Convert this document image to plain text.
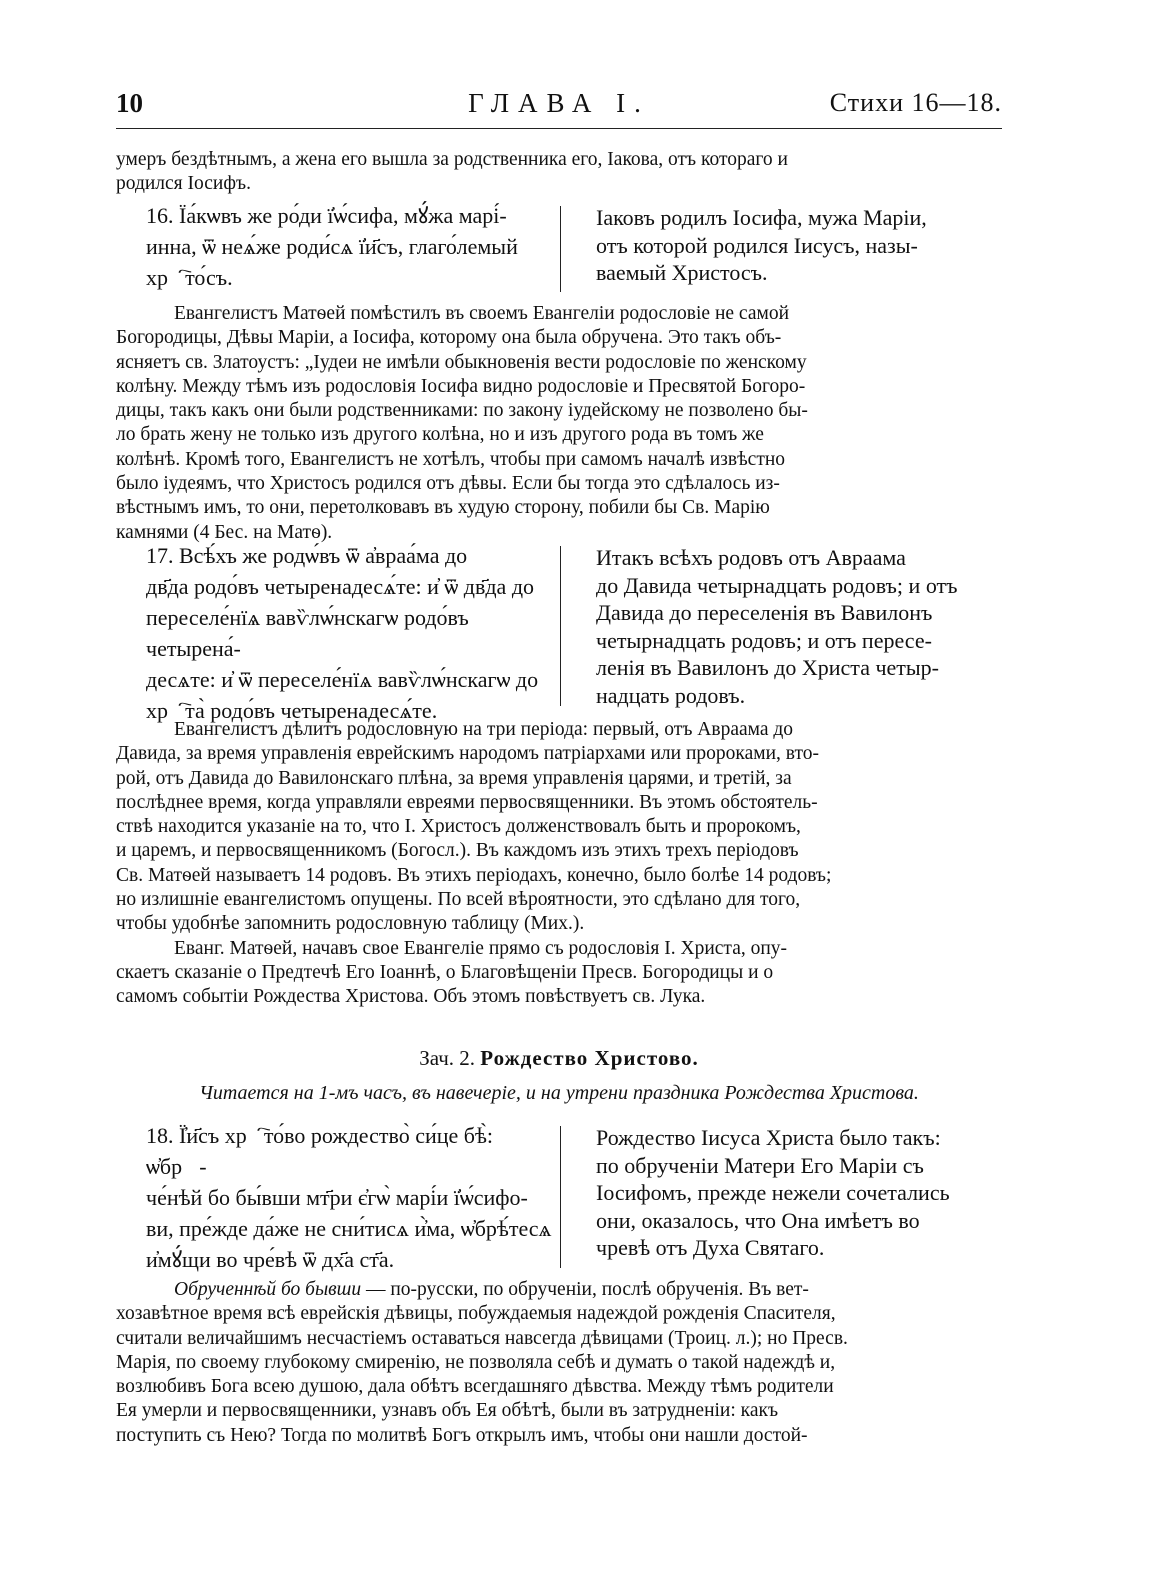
10	ГЛАВА I.	Стихи 16—18.
умеръ бездѣтнымъ, а жена его вышла за родственника его, Іакова, отъ котораго и
родился Іосифъ.
16. Їа́кѡвъ же ро́ди ї҆ѡ́сифа, мꙋ́жа марі́-
инна, ѿ неѧ́же роди́сѧ ї҆и҃съ, глаго́лемый хрⷭ҇то́съ.
Іаковъ родилъ Іосифа, мужа Маріи,
отъ которой родился Іисусъ, назы-
ваемый Христосъ.
Евангелистъ Матѳей помѣстилъ въ своемъ Евангеліи родословіе не самой
Богородицы, Дѣвы Маріи, а Іосифа, которому она была обручена. Это такъ объ-
ясняетъ св. Златоустъ: „Іудеи не имѣли обыкновенія вести родословіе по женскому
колѣну. Между тѣмъ изъ родословія Іосифа видно родословіе и Пресвятой Богоро-
дицы, такъ какъ они были родственниками: по закону іудейскому не позволено бы-
ло брать жену не только изъ другого колѣна, но и изъ другого рода въ томъ же
колѣнѣ. Кромѣ того, Евангелистъ не хотѣлъ, чтобы при самомъ началѣ извѣстно
было іудеямъ, что Христосъ родился отъ дѣвы. Если бы тогда это сдѣлалось из-
вѣстнымъ имъ, то они, перетолковавъ въ худую сторону, побили бы Св. Марію
камнями (4 Бес. на Матѳ).
17. Всѣ́хъ же родѡ́въ ѿ а҆враа́ма до
дв҃да родо́въ четыренадесѧ́те: и҆ ѿ дв҃да до
переселе́нїѧ вавѷлѡ́нскагѡ родо́въ четырена́-
десѧте: и҆ ѿ переселе́нїѧ вавѷлѡ́нскагѡ до
хрⷭ҇та̀ родо́въ четыренадесѧ́те.
Итакъ всѣхъ родовъ отъ Авраама
до Давида четырнадцать родовъ; и отъ
Давида до переселенія въ Вавилонъ
четырнадцать родовъ; и отъ пересе-
ленія въ Вавилонъ до Христа четыр-
надцать родовъ.
Евангелистъ дѣлитъ родословную на три періода: первый, отъ Авраама до
Давида, за время управленія еврейскимъ народомъ патріархами или пророками, вто-
рой, отъ Давида до Вавилонскаго плѣна, за время управленія царями, и третій, за
послѣднее время, когда управляли евреями первосвященники. Въ этомъ обстоятель-
ствѣ находится указаніе на то, что І. Христосъ долженствовалъ быть и пророкомъ,
и царемъ, и первосвященникомъ (Богосл.). Въ каждомъ изъ этихъ трехъ періодовъ
Св. Матѳей называетъ 14 родовъ. Въ этихъ періодахъ, конечно, было болѣе 14 родовъ;
но излишніе евангелистомъ опущены. По всей вѣроятности, это сдѣлано для того,
чтобы удобнѣе запомнить родословную таблицу (Мих.).
Еванг. Матѳей, начавъ свое Евангеліе прямо съ родословія І. Христа, опу-
скаетъ сказаніе о Предтечѣ Его Іоаннѣ, о Благовѣщеніи Пресв. Богородицы и о
самомъ событіи Рождества Христова. Объ этомъ повѣствуетъ св. Лука.
Зач. 2. Рождество Христово.
Читается на 1-мъ часъ, въ навечеріе, и на утрени праздника Рождества Христова.
18. Ї҆и҃съ хрⷭ҇то́во рождество̀ си́це бѣ̀: ѡ҆брꙋ-
че́нѣй бо бы́вши мт҃ри є҆гѡ̀ марі́и ї҆ѡ́сифо-
ви, пре́жде да́же не сни́тисѧ и҆̀ма, ѡ҆брѣ́тесѧ
и҆мꙋ́щи во чре́вѣ ѿ дх҃а ст҃а.
Рождество Іисуса Христа было такъ:
по обрученіи Матери Его Маріи съ
Іосифомъ, прежде нежели сочетались
они, оказалось, что Она имѣетъ во
чревѣ отъ Духа Святаго.
Обрученнѣй бо бывши — по-русски, по обрученіи, послѣ обрученія. Въ вет-
хозавѣтное время всѣ еврейскія дѣвицы, побуждаемыя надеждой рожденія Спасителя,
считали величайшимъ несчастіемъ оставаться навсегда дѣвицами (Троиц. л.); но Пресв.
Марія, по своему глубокому смиренію, не позволяла себѣ и думать о такой надеждѣ и,
возлюбивъ Бога всею душою, дала обѣтъ всегдашняго дѣвства. Между тѣмъ родители
Ея умерли и первосвященники, узнавъ объ Ея обѣтѣ, были въ затрудненіи: какъ
поступить съ Нею? Тогда по молитвѣ Богъ открылъ имъ, чтобы они нашли достой-
